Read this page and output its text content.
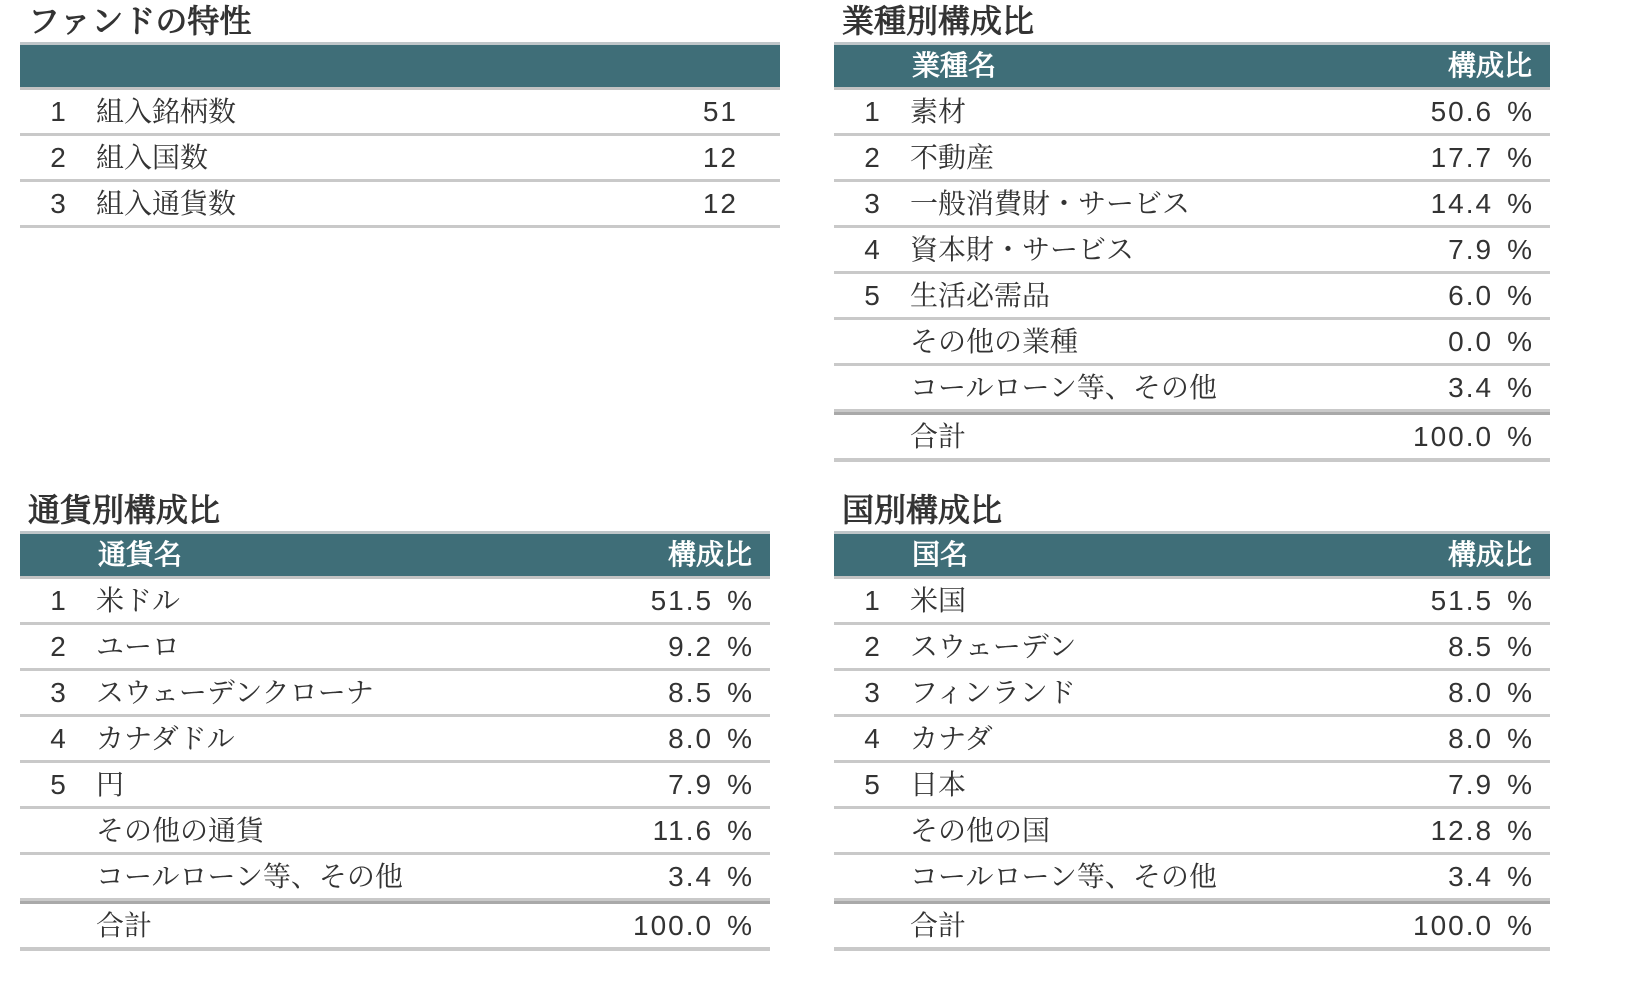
ファンドの特性
1 組入銘柄数	51
2 組入国数	12
3 組入通貨数	12
業種別構成比
業種名	構成比
1 素材	50.6 %
2 不動産	17.7 %
3 一般消費財・サービス	14.4 %
4 資本財・サービス	7.9 %
5 生活必需品	6.0 %
その他の業種	0.0 %
コールローン等、その他	3.4 %
合計	100.0 %
通貨別構成比
通貨名	構成比
1 米ドル	51.5 %
2 ユーロ	9.2 %
3 スウェーデンクローナ	8.5 %
4 カナダドル	8.0 %
5 円	7.9 %
その他の通貨	11.6 %
コールローン等、その他	3.4 %
合計	100.0 %
国別構成比
国名	構成比
1 米国	51.5 %
2 スウェーデン	8.5 %
3 フィンランド	8.0 %
4 カナダ	8.0 %
5 日本	7.9 %
その他の国	12.8 %
コールローン等、その他	3.4 %
合計	100.0 %
